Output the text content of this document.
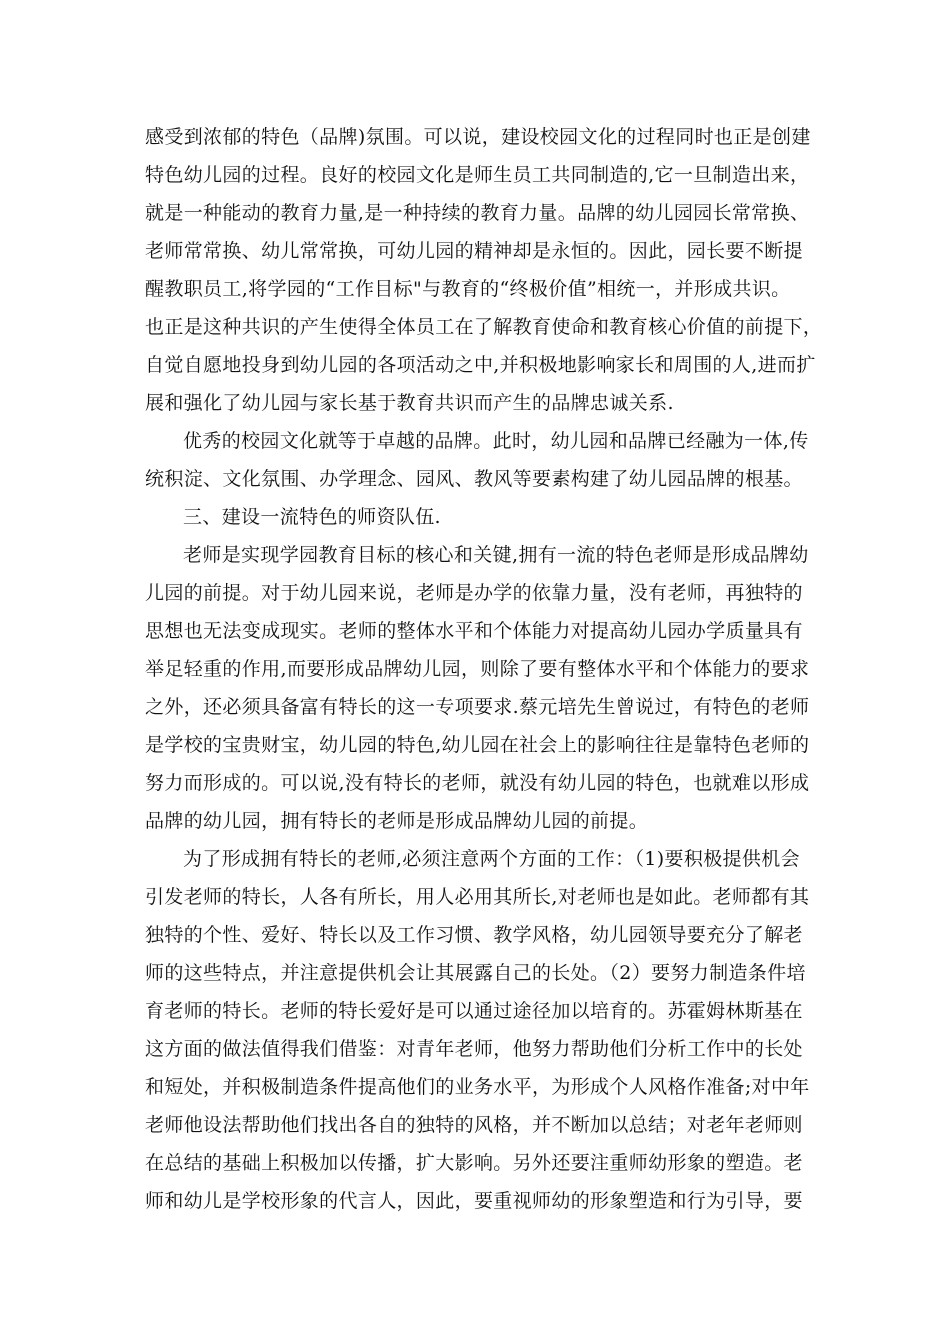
感受到浓郁的特色（品牌)氛围。可以说，建设校园文化的过程同时也正是创建
特色幼儿园的过程。良好的校园文化是师生员工共同制造的,它一旦制造出来，
就是一种能动的教育力量,是一种持续的教育力量。品牌的幼儿园园长常常换、
老师常常换、幼儿常常换，可幼儿园的精神却是永恒的。因此，园长要不断提
醒教职员工,将学园的“工作目标"与教育的“终极价值”相统一，并形成共识。
也正是这种共识的产生使得全体员工在了解教育使命和教育核心价值的前提下，
自觉自愿地投身到幼儿园的各项活动之中,并积极地影响家长和周围的人,进而扩
展和强化了幼儿园与家长基于教育共识而产生的品牌忠诚关系.
优秀的校园文化就等于卓越的品牌。此时，幼儿园和品牌已经融为一体,传
统积淀、文化氛围、办学理念、园风、教风等要素构建了幼儿园品牌的根基。
三、建设一流特色的师资队伍.
老师是实现学园教育目标的核心和关键,拥有一流的特色老师是形成品牌幼
儿园的前提。对于幼儿园来说，老师是办学的依靠力量，没有老师，再独特的
思想也无法变成现实。老师的整体水平和个体能力对提高幼儿园办学质量具有
举足轻重的作用,而要形成品牌幼儿园，则除了要有整体水平和个体能力的要求
之外，还必须具备富有特长的这一专项要求.蔡元培先生曾说过，有特色的老师
是学校的宝贵财宝，幼儿园的特色,幼儿园在社会上的影响往往是靠特色老师的
努力而形成的。可以说,没有特长的老师，就没有幼儿园的特色，也就难以形成
品牌的幼儿园，拥有特长的老师是形成品牌幼儿园的前提。
为了形成拥有特长的老师,必须注意两个方面的工作：（1)要积极提供机会
引发老师的特长，人各有所长，用人必用其所长,对老师也是如此。老师都有其
独特的个性、爱好、特长以及工作习惯、教学风格，幼儿园领导要充分了解老
师的这些特点，并注意提供机会让其展露自己的长处。（2）要努力制造条件培
育老师的特长。老师的特长爱好是可以通过途径加以培育的。苏霍姆林斯基在
这方面的做法值得我们借鉴：对青年老师，他努力帮助他们分析工作中的长处
和短处，并积极制造条件提高他们的业务水平，为形成个人风格作准备;对中年
老师他设法帮助他们找出各自的独特的风格，并不断加以总结；对老年老师则
在总结的基础上积极加以传播，扩大影响。另外还要注重师幼形象的塑造。老
师和幼儿是学校形象的代言人，因此，要重视师幼的形象塑造和行为引导，要
